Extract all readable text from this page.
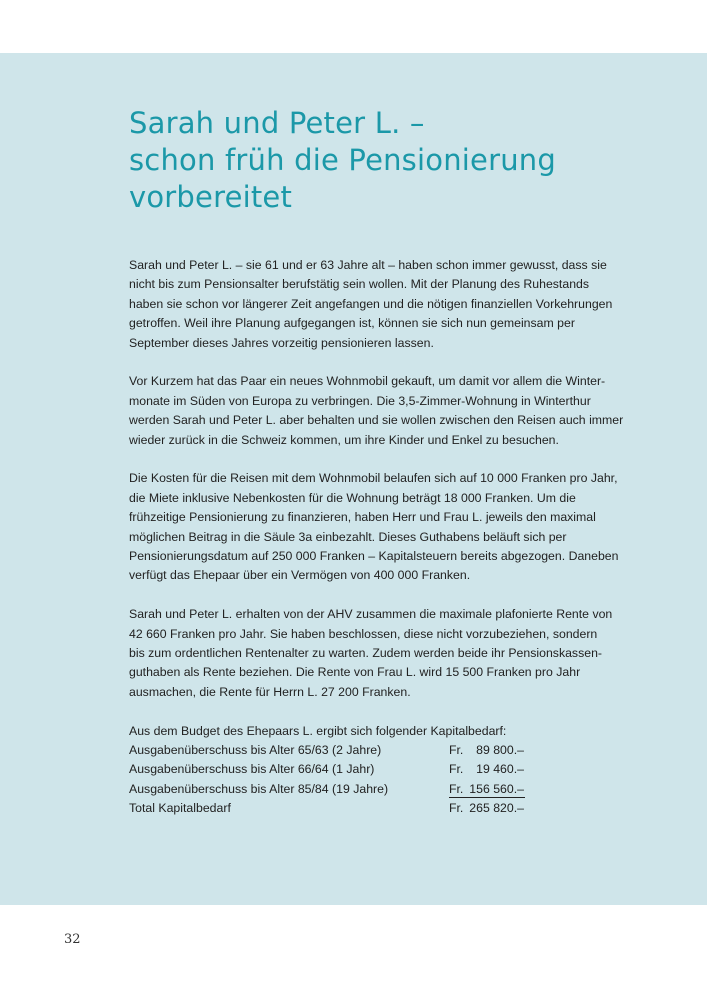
Sarah und Peter L. –
schon früh die Pensionierung
vorbereitet

Sarah und Peter L. – sie 61 und er 63 Jahre alt – haben schon immer gewusst, dass sie
nicht bis zum Pensionsalter berufstätig sein wollen. Mit der Planung des Ruhestands
haben sie schon vor längerer Zeit angefangen und die nötigen finanziellen Vorkehrungen
getroffen. Weil ihre Planung aufgegangen ist, können sie sich nun gemeinsam per
September dieses Jahres vorzeitig pensionieren lassen.

Vor Kurzem hat das Paar ein neues Wohnmobil gekauft, um damit vor allem die Winter-
monate im Süden von Europa zu verbringen. Die 3,5-Zimmer-Wohnung in Winterthur
werden Sarah und Peter L. aber behalten und sie wollen zwischen den Reisen auch immer
wieder zurück in die Schweiz kommen, um ihre Kinder und Enkel zu besuchen.

Die Kosten für die Reisen mit dem Wohnmobil belaufen sich auf 10 000 Franken pro Jahr,
die Miete inklusive Nebenkosten für die Wohnung beträgt 18 000 Franken. Um die
frühzeitige Pensionierung zu finanzieren, haben Herr und Frau L. jeweils den maximal
möglichen Beitrag in die Säule 3a einbezahlt. Dieses Guthabens beläuft sich per
Pensionierungsdatum auf 250 000 Franken – Kapitalsteuern bereits abgezogen. Daneben
verfügt das Ehepaar über ein Vermögen von 400 000 Franken.

Sarah und Peter L. erhalten von der AHV zusammen die maximale plafonierte Rente von
42 660 Franken pro Jahr. Sie haben beschlossen, diese nicht vorzubeziehen, sondern
bis zum ordentlichen Rentenalter zu warten. Zudem werden beide ihr Pensionskassen-
guthaben als Rente beziehen. Die Rente von Frau L. wird 15 500 Franken pro Jahr
ausmachen, die Rente für Herrn L. 27 200 Franken.

Aus dem Budget des Ehepaars L. ergibt sich folgender Kapitalbedarf:
Ausgabenüberschuss bis Alter 65/63 (2 Jahre)	Fr.	89 800.–
Ausgabenüberschuss bis Alter 66/64 (1 Jahr)	Fr.	19 460.–
Ausgabenüberschuss bis Alter 85/84 (19 Jahre)	Fr. 156 560.–
Total Kapitalbedarf	Fr. 265 820.–
32
